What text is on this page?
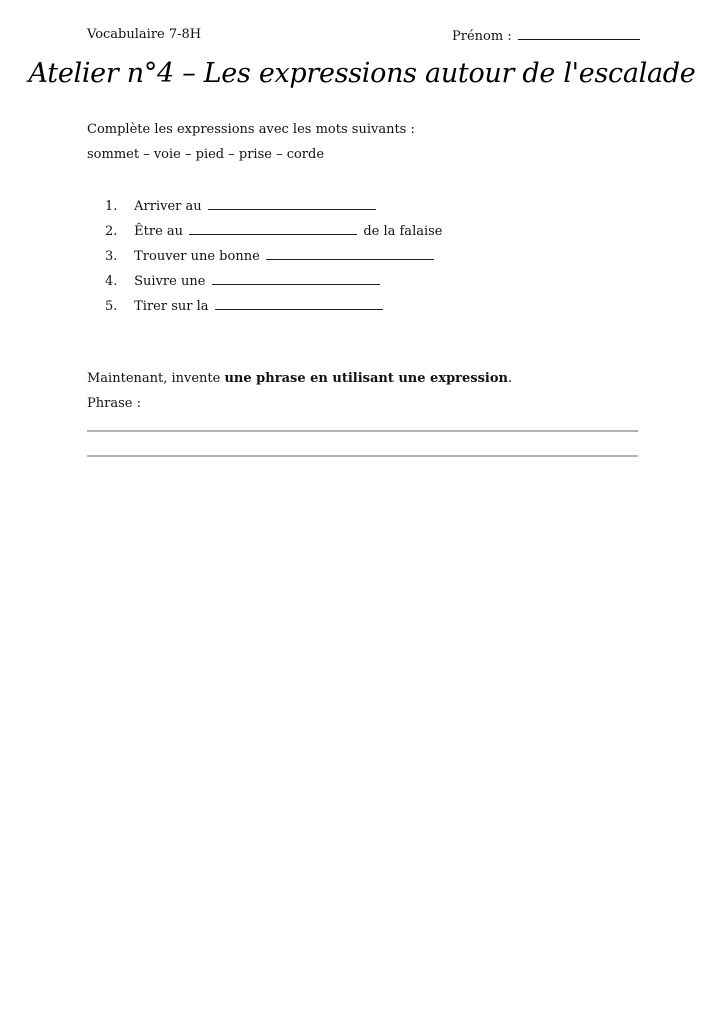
Vocabulaire 7-8H	Prénom :
Atelier n°4 – Les expressions autour de l'escalade
Complète les expressions avec les mots suivants :
sommet – voie – pied – prise – corde
1. Arriver au
2. Être au	de la falaise
3. Trouver une bonne
4. Suivre une
5. Tirer sur la
Maintenant, invente une phrase en utilisant une expression.
Phrase :
